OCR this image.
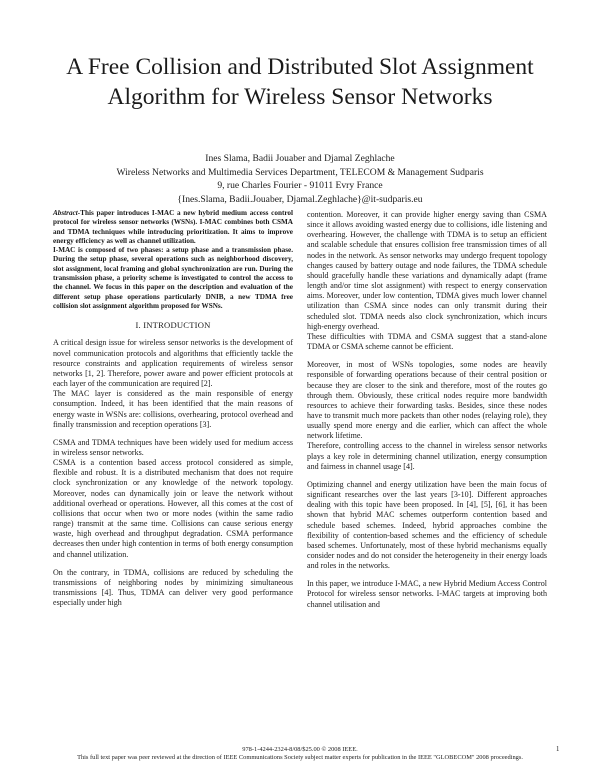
A Free Collision and Distributed Slot Assignment
Algorithm for Wireless Sensor Networks
Ines Slama, Badii Jouaber and Djamal Zeghlache
Wireless Networks and Multimedia Services Department, TELECOM & Management Sudparis
9, rue Charles Fourier - 91011 Evry France
{Ines.Slama, Badii.Jouaber, Djamal.Zeghlache}@it-sudparis.eu

Abstract-This paper introduces I-MAC a new hybrid medium access control protocol for wireless sensor networks (WSNs). I-MAC combines both CSMA and TDMA techniques while introducing prioritization. It aims to improve energy efficiency as well as channel utilization.

I-MAC is composed of two phases: a setup phase and a transmission phase. During the setup phase, several operations such as neighborhood discovery, slot assignment, local framing and global synchronization are run. During the transmission phase, a priority scheme is investigated to control the access to the channel. We focus in this paper on the description and evaluation of the different setup phase operations particularly DNIB, a new TDMA free collision slot assignment algorithm proposed for WSNs.

I. INTRODUCTION

A critical design issue for wireless sensor networks is the development of novel communication protocols and algorithms that efficiently tackle the resource constraints and application requirements of wireless sensor networks [1, 2]. Therefore, power aware and power efficient protocols at each layer of the communication are required [2].

The MAC layer is considered as the main responsible of energy consumption. Indeed, it has been identified that the main reasons of energy waste in WSNs are: collisions, overhearing, protocol overhead and finally transmission and reception operations [3].

CSMA and TDMA techniques have been widely used for medium access in wireless sensor networks.

CSMA is a contention based access protocol considered as simple, flexible and robust. It is a distributed mechanism that does not require clock synchronization or any knowledge of the network topology. Moreover, nodes can dynamically join or leave the network without additional overhead or operations. However, all this comes at the cost of collisions that occur when two or more nodes (within the same radio range) transmit at the same time. Collisions can cause serious energy waste, high overhead and throughput degradation. CSMA performance decreases then under high contention in terms of both energy consumption and channel utilization.

On the contrary, in TDMA, collisions are reduced by scheduling the transmissions of neighboring nodes by minimizing simultaneous transmissions [4]. Thus, TDMA can deliver very good performance especially under high

contention. Moreover, it can provide higher energy saving than CSMA since it allows avoiding wasted energy due to collisions, idle listening and overhearing. However, the challenge with TDMA is to setup an efficient and scalable schedule that ensures collision free transmission times of all nodes in the network. As sensor networks may undergo frequent topology changes caused by battery outage and node failures, the TDMA schedule should gracefully handle these variations and dynamically adapt (frame length and/or time slot assignment) with respect to energy conservation aims. Moreover, under low contention, TDMA gives much lower channel utilization than CSMA since nodes can only transmit during their scheduled slot. TDMA needs also clock synchronization, which incurs high-energy overhead.

These difficulties with TDMA and CSMA suggest that a stand-alone TDMA or CSMA scheme cannot be efficient.

Moreover, in most of WSNs topologies, some nodes are heavily responsible of forwarding operations because of their central position or because they are closer to the sink and therefore, most of the routes go through them. Obviously, these critical nodes require more bandwidth resources to achieve their forwarding tasks. Besides, since these nodes have to transmit much more packets than other nodes (relaying role), they usually spend more energy and die earlier, which can affect the whole network lifetime.

Therefore, controlling access to the channel in wireless sensor networks plays a key role in determining channel utilization, energy consumption and fairness in channel usage [4].

Optimizing channel and energy utilization have been the main focus of significant researches over the last years [3-10]. Different approaches dealing with this topic have been proposed. In [4], [5], [6], it has been shown that hybrid MAC schemes outperform contention based and schedule based schemes. Indeed, hybrid approaches combine the flexibility of contention-based schemes and the efficiency of schedule based schemes. Unfortunately, most of these hybrid mechanisms equally consider nodes and do not consider the heterogeneity in their energy loads and roles in the networks.

In this paper, we introduce I-MAC, a new Hybrid Medium Access Control Protocol for wireless sensor networks. I-MAC targets at improving both channel utilisation and

978-1-4244-2324-8/08/$25.00 © 2008 IEEE.
This full text paper was peer reviewed at the direction of IEEE Communications Society subject matter experts for publication in the IEEE "GLOBECOM" 2008 proceedings.
1
